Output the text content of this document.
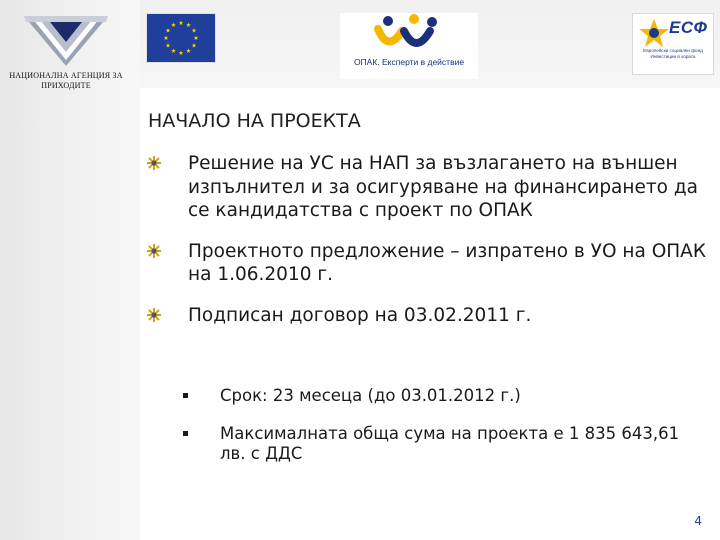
НАЦИОНАЛНА АГЕНЦИЯ ЗА ПРИХОДИТЕ
ОПАК. Експерти в действие
ЕСФ
Европейски социален фонд Инвестиции в хората
НАЧАЛО НА ПРОЕКТА
Решение на УС на НАП за възлагането на външен изпълнител и за осигуряване на финансирането да се кандидатства с проект по ОПАК
Проектното предложение – изпратено в УО на ОПАК на 1.06.2010 г.
Подписан договор на 03.02.2011 г.
Срок: 23 месеца (до 03.01.2012 г.)
Максималната обща сума на проекта е 1 835 643,61 лв. с ДДС
4
